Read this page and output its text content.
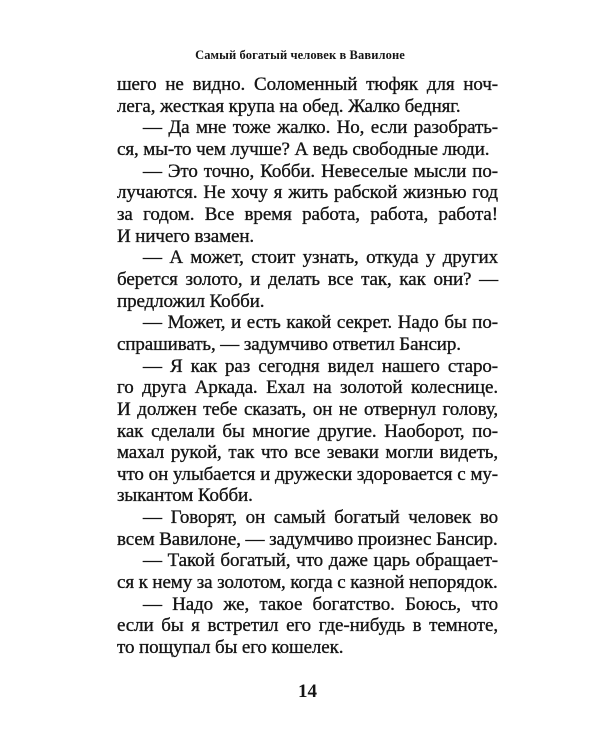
Самый богатый человек в Вавилоне
шего не видно. Соломенный тюфяк для ноч-
лега, жесткая крупа на обед. Жалко бедняг.
— Да мне тоже жалко. Но, если разобрать-
ся, мы-то чем лучше? А ведь свободные люди.
— Это точно, Кобби. Невеселые мысли по-
лучаются. Не хочу я жить рабской жизнью год
за годом. Все время работа, работа, работа!
И ничего взамен.
— А может, стоит узнать, откуда у других
берется золото, и делать все так, как они? —
предложил Кобби.
— Может, и есть какой секрет. Надо бы по-
спрашивать, — задумчиво ответил Бансир.
— Я как раз сегодня видел нашего старо-
го друга Аркада. Ехал на золотой колеснице.
И должен тебе сказать, он не отвернул голову,
как сделали бы многие другие. Наоборот, по-
махал рукой, так что все зеваки могли видеть,
что он улыбается и дружески здоровается с му-
зыкантом Кобби.
— Говорят, он самый богатый человек во
всем Вавилоне, — задумчиво произнес Бансир.
— Такой богатый, что даже царь обращает-
ся к нему за золотом, когда с казной непорядок.
— Надо же, такое богатство. Боюсь, что
если бы я встретил его где-нибудь в темноте,
то пощупал бы его кошелек.
14
